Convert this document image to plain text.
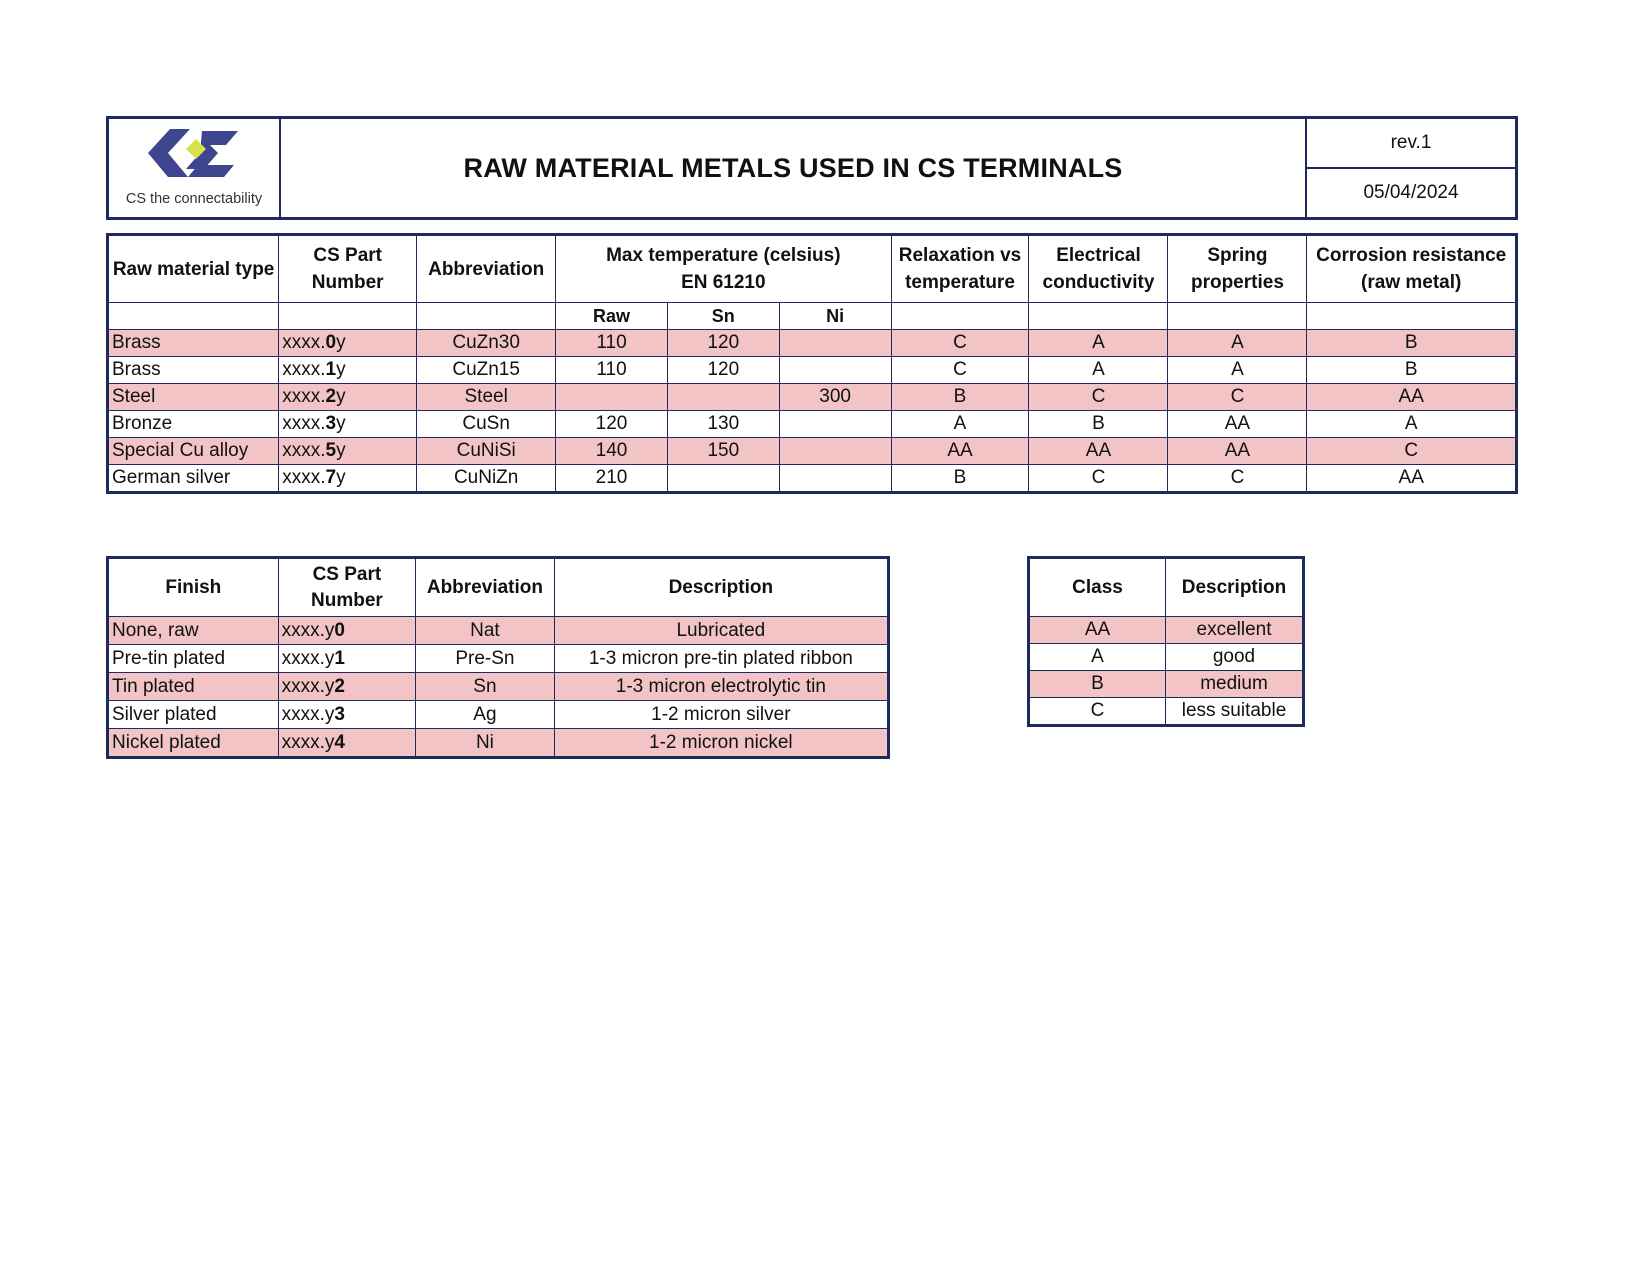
CS the connectability
	RAW MATERIAL METALS USED IN CS TERMINALS	rev.1
05/04/2024
Raw material type	CS Part Number	Abbreviation	Max temperature (celsius) EN 61210			Relaxation vs temperature	Electrical conductivity	Spring properties	Corrosion resistance (raw metal)
			Raw	Sn	Ni				
Brass	xxxx.0y	CuZn30	110	120		C	A	A	B
Brass	xxxx.1y	CuZn15	110	120		C	A	A	B
Steel	xxxx.2y	Steel			300	B	C	C	AA
Bronze	xxxx.3y	CuSn	120	130		A	B	AA	A
Special Cu alloy	xxxx.5y	CuNiSi	140	150		AA	AA	AA	C
German silver	xxxx.7y	CuNiZn	210			B	C	C	AA
Finish	CS Part Number	Abbreviation	Description
None, raw	xxxx.y0	Nat	Lubricated
Pre-tin plated	xxxx.y1	Pre-Sn	1-3 micron pre-tin plated ribbon
Tin plated	xxxx.y2	Sn	1-3 micron electrolytic tin
Silver plated	xxxx.y3	Ag	1-2 micron silver
Nickel plated	xxxx.y4	Ni	1-2 micron nickel
Class	Description
AA	excellent
A	good
B	medium
C	less suitable
